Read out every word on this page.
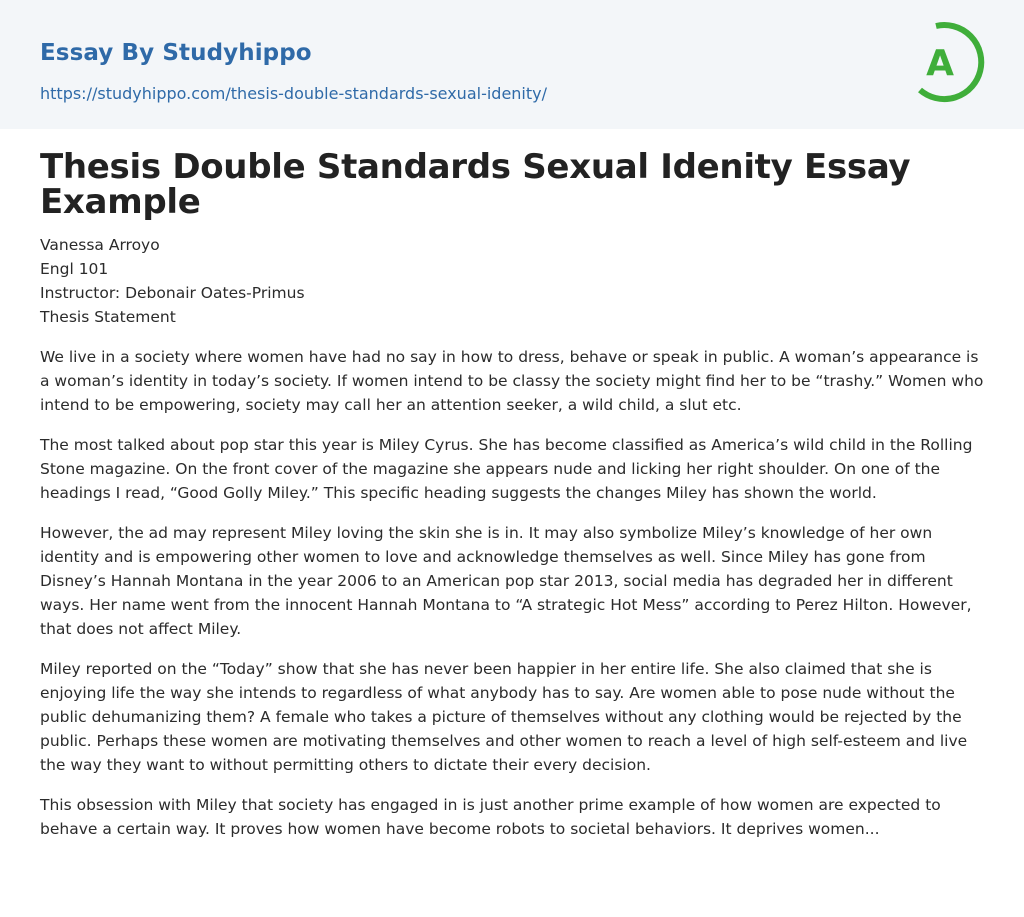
Essay By Studyhippo
https://studyhippo.com/thesis-double-standards-sexual-idenity/
A
Thesis Double Standards Sexual Idenity Essay Example
Vanessa Arroyo
Engl 101
Instructor: Debonair Oates-Primus
Thesis Statement

We live in a society where women have had no say in how to dress, behave or speak in public. A woman’s appearance is a woman’s identity in today’s society. If women intend to be classy the society might find her to be “trashy.” Women who intend to be empowering, society may call her an attention seeker, a wild child, a slut etc.

The most talked about pop star this year is Miley Cyrus. She has become classified as America’s wild child in the Rolling Stone magazine. On the front cover of the magazine she appears nude and licking her right shoulder. On one of the headings I read, “Good Golly Miley.” This specific heading suggests the changes Miley has shown the world.

However, the ad may represent Miley loving the skin she is in. It may also symbolize Miley’s knowledge of her own identity and is empowering other women to love and acknowledge themselves as well. Since Miley has gone from Disney’s Hannah Montana in the year 2006 to an American pop star 2013, social media has degraded her in different ways. Her name went from the innocent Hannah Montana to “A strategic Hot Mess” according to Perez Hilton. However, that does not affect Miley.

Miley reported on the “Today” show that she has never been happier in her entire life. She also claimed that she is enjoying life the way she intends to regardless of what anybody has to say. Are women able to pose nude without the public dehumanizing them? A female who takes a picture of themselves without any clothing would be rejected by the public. Perhaps these women are motivating themselves and other women to reach a level of high self-esteem and live the way they want to without permitting others to dictate their every decision.

This obsession with Miley that society has engaged in is just another prime example of how women are expected to behave a certain way. It proves how women have become robots to societal behaviors. It deprives women...
